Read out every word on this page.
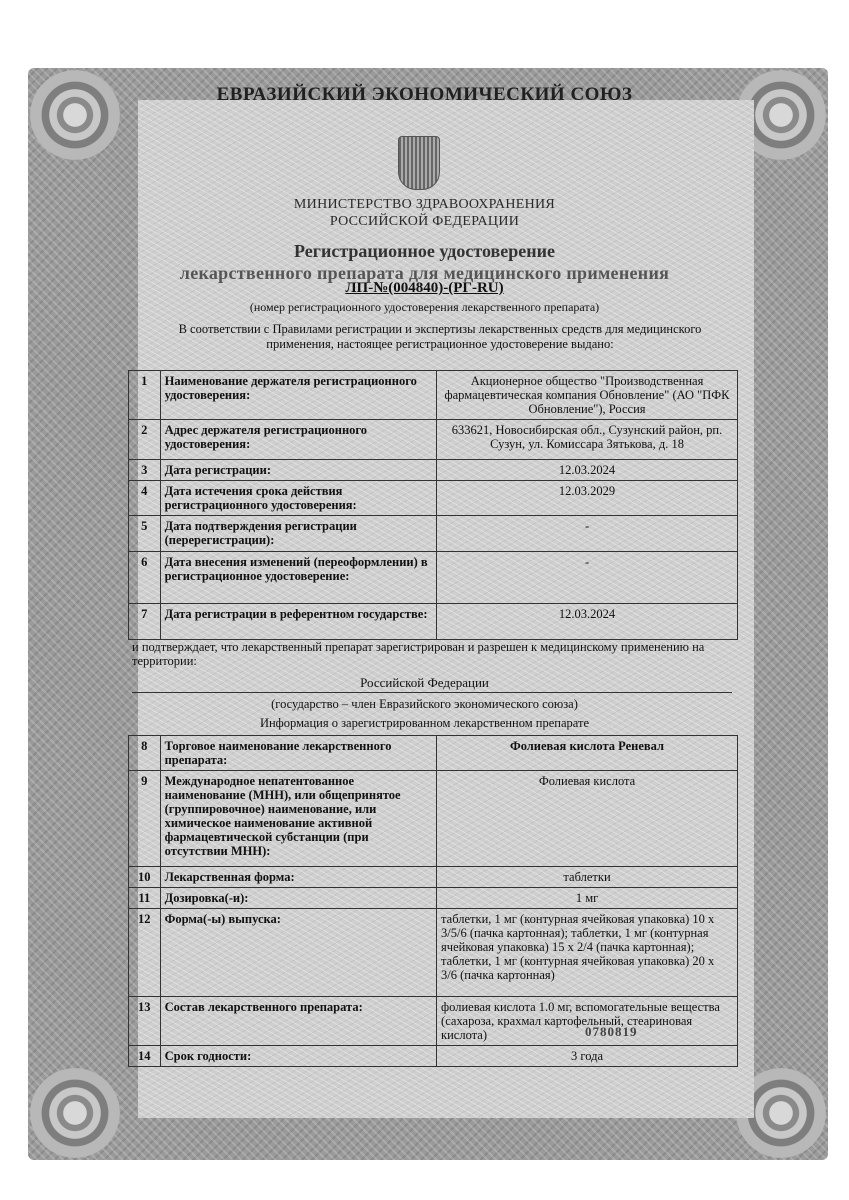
ЕВРАЗИЙСКИЙ ЭКОНОМИЧЕСКИЙ СОЮЗ
МИНИСТЕРСТВО ЗДРАВООХРАНЕНИЯ
РОССИЙСКОЙ ФЕДЕРАЦИИ
Регистрационное удостоверение
лекарственного препарата для медицинского применения
ЛП-№(004840)-(РГ-RU)
(номер регистрационного удостоверения лекарственного препарата)
В соответствии с Правилами регистрации и экспертизы лекарственных средств для медицинского применения, настоящее регистрационное удостоверение выдано:
1	Наименование держателя регистрационного удостоверения:	Акционерное общество "Производственная фармацевтическая компания Обновление" (АО "ПФК Обновление"), Россия
2	Адрес держателя регистрационного удостоверения:	633621, Новосибирская обл., Сузунский район, рп. Сузун, ул. Комиссара Зятькова, д. 18
3	Дата регистрации:	12.03.2024
4	Дата истечения срока действия регистрационного удостоверения:	12.03.2029
5	Дата подтверждения регистрации (перерегистрации):	-
6	Дата внесения изменений (переоформлении) в регистрационное удостоверение:	-
7	Дата регистрации в референтном государстве:	12.03.2024
и подтверждает, что лекарственный препарат зарегистрирован и разрешен к медицинскому применению на территории:
Российской Федерации
(государство – член Евразийского экономического союза)
Информация о зарегистрированном лекарственном препарате
8	Торговое наименование лекарственного препарата:	Фолиевая кислота Реневал
9	Международное непатентованное наименование (МНН), или общепринятое (группировочное) наименование, или химическое наименование активной фармацевтической субстанции (при отсутствии МНН):	Фолиевая кислота
10	Лекарственная форма:	таблетки
11	Дозировка(-и):	1 мг
12	Форма(-ы) выпуска:	таблетки, 1 мг (контурная ячейковая упаковка) 10 x 3/5/6 (пачка картонная); таблетки, 1 мг (контурная ячейковая упаковка) 15 x 2/4 (пачка картонная); таблетки, 1 мг (контурная ячейковая упаковка) 20 x 3/6 (пачка картонная)
13	Состав лекарственного препарата:	фолиевая кислота 1.0 мг, вспомогательные вещества (сахароза, крахмал картофельный, стеариновая кислота)
14	Срок годности:	3 года
0780819
